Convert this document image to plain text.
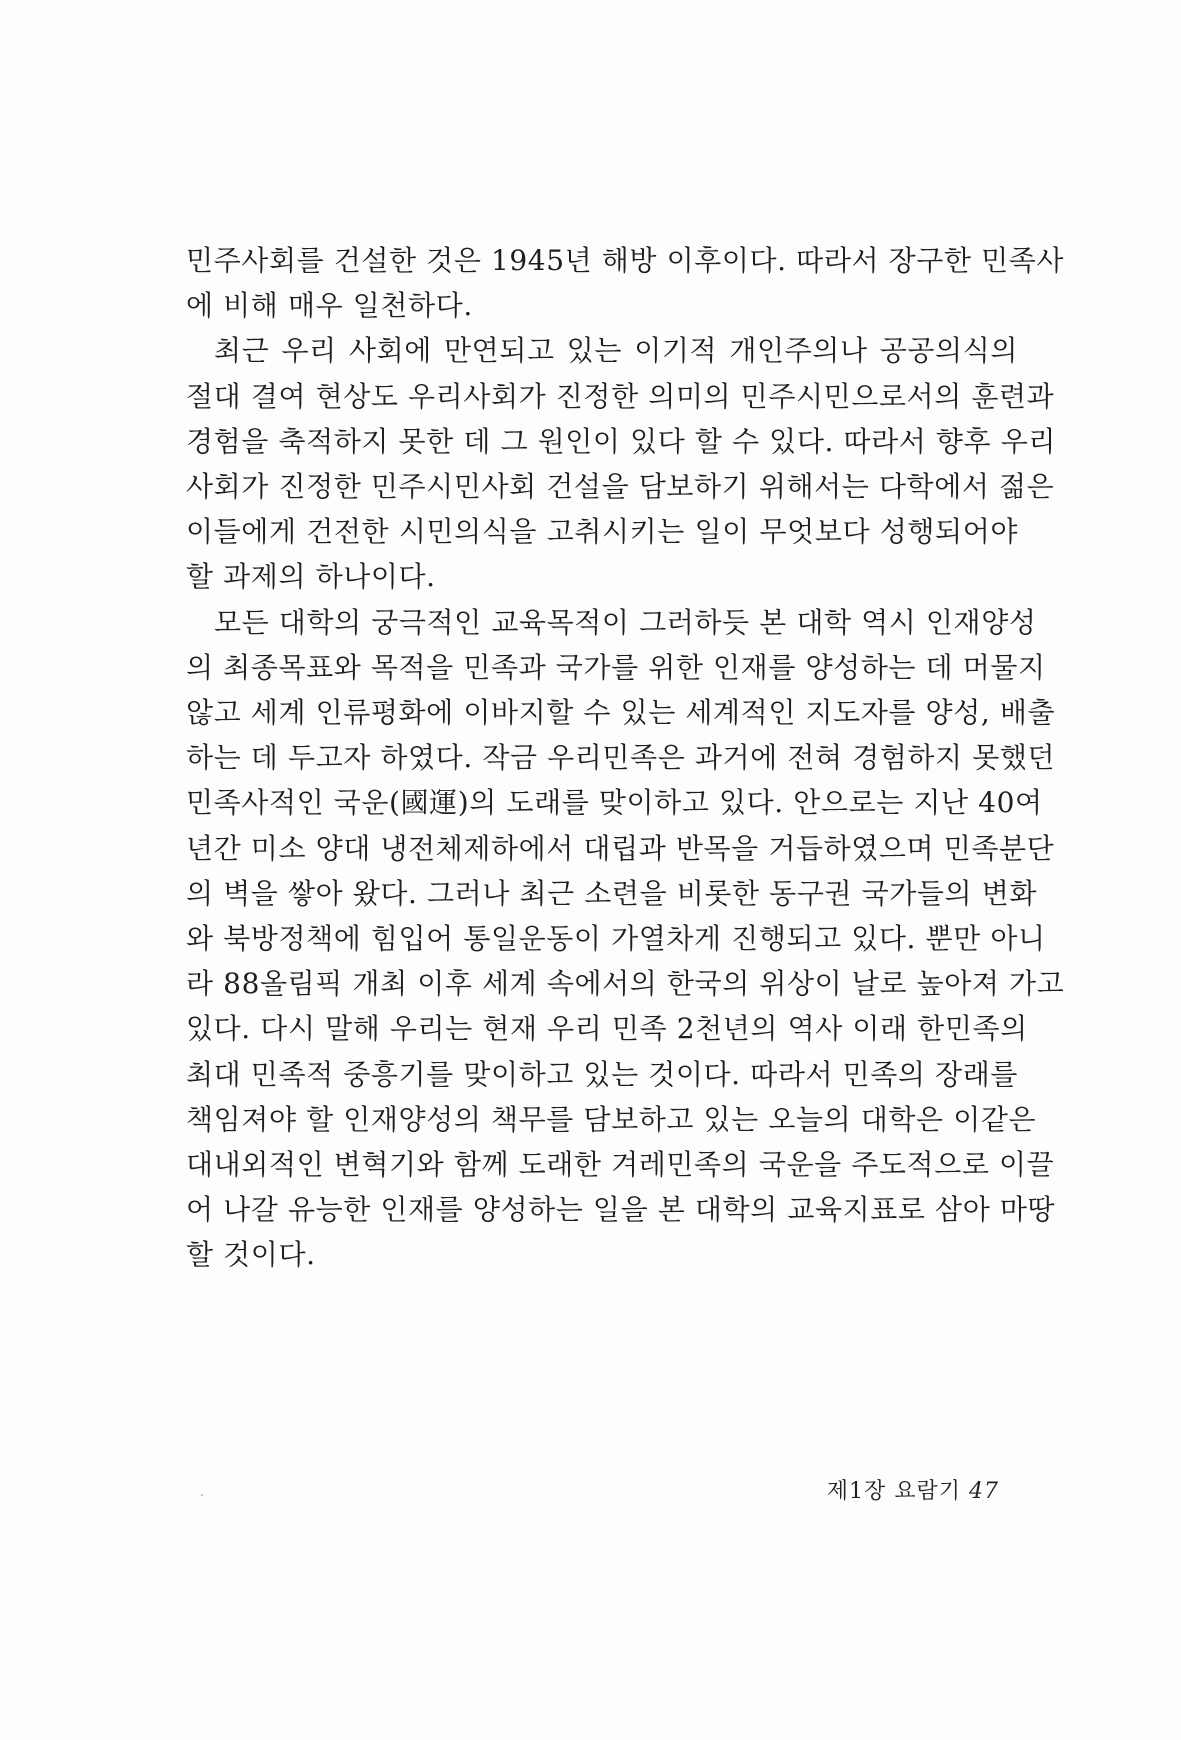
민주사회를 건설한 것은 1945년 해방 이후이다. 따라서 장구한 민족사
에 비해 매우 일천하다.

최근 우리 사회에 만연되고 있는 이기적 개인주의나 공공의식의
절대 결여 현상도 우리사회가 진정한 의미의 민주시민으로서의 훈련과
경험을 축적하지 못한 데 그 원인이 있다 할 수 있다. 따라서 향후 우리
사회가 진정한 민주시민사회 건설을 담보하기 위해서는 다학에서 젊은
이들에게 건전한 시민의식을 고취시키는 일이 무엇보다 성행되어야
할 과제의 하나이다.

모든 대학의 궁극적인 교육목적이 그러하듯 본 대학 역시 인재양성
의 최종목표와 목적을 민족과 국가를 위한 인재를 양성하는 데 머물지
않고 세계 인류평화에 이바지할 수 있는 세계적인 지도자를 양성, 배출
하는 데 두고자 하였다. 작금 우리민족은 과거에 전혀 경험하지 못했던
민족사적인 국운(國運)의 도래를 맞이하고 있다. 안으로는 지난 40여
년간 미소 양대 냉전체제하에서 대립과 반목을 거듭하였으며 민족분단
의 벽을 쌓아 왔다. 그러나 최근 소련을 비롯한 동구권 국가들의 변화
와 북방정책에 힘입어 통일운동이 가열차게 진행되고 있다. 뿐만 아니
라 88올림픽 개최 이후 세계 속에서의 한국의 위상이 날로 높아져 가고
있다. 다시 말해 우리는 현재 우리 민족 2천년의 역사 이래 한민족의
최대 민족적 중흥기를 맞이하고 있는 것이다. 따라서 민족의 장래를
책임져야 할 인재양성의 책무를 담보하고 있는 오늘의 대학은 이같은
대내외적인 변혁기와 함께 도래한 겨레민족의 국운을 주도적으로 이끌
어 나갈 유능한 인재를 양성하는 일을 본 대학의 교육지표로 삼아 마땅
할 것이다.

제1장 요람기 47
